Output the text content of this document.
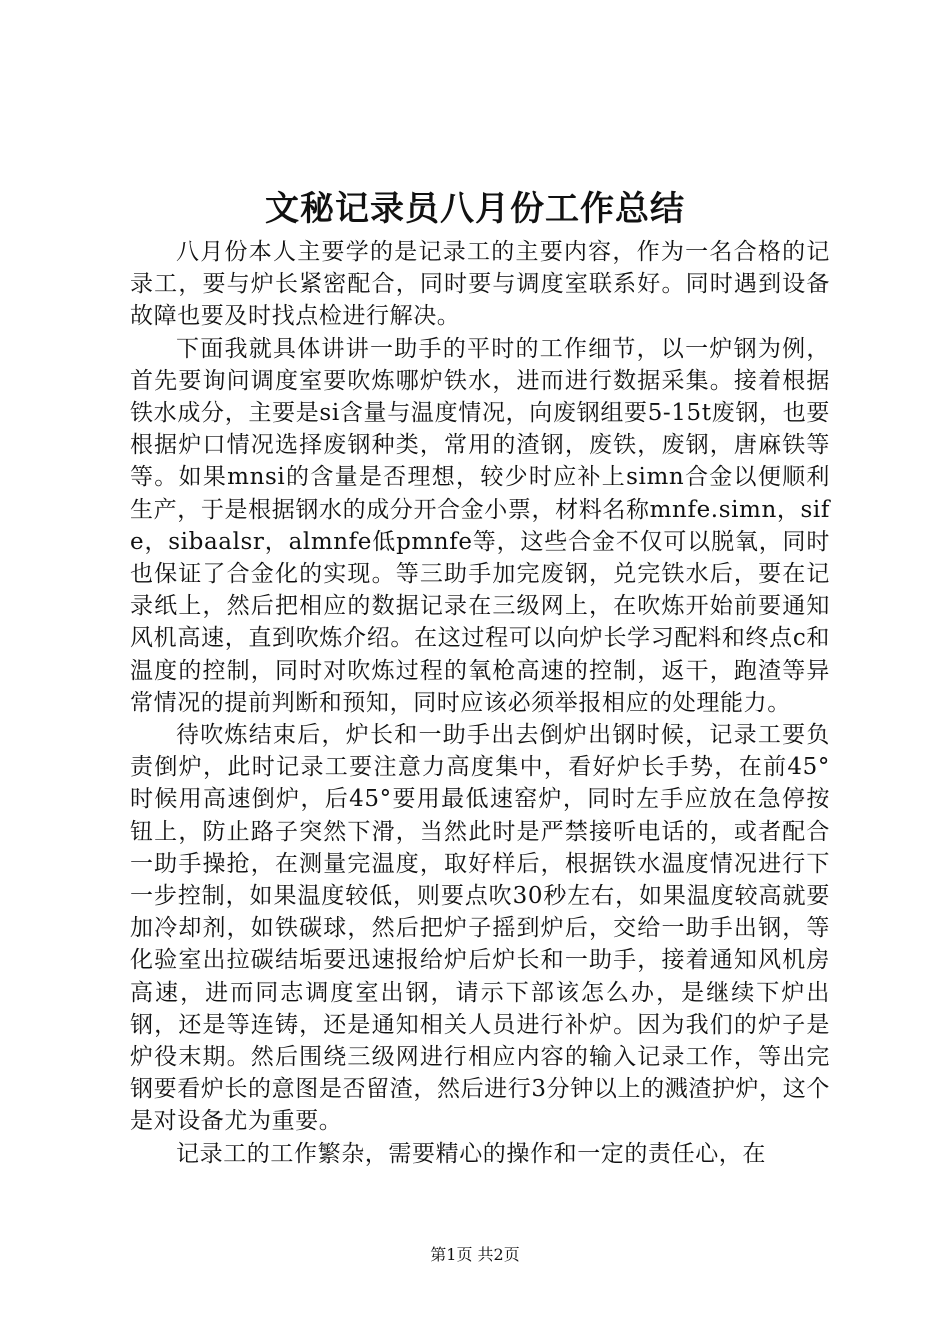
文秘记录员八月份工作总结

八月份本人主要学的是记录工的主要内容，作为一名合格的记录工，要与炉长紧密配合，同时要与调度室联系好。同时遇到设备故障也要及时找点检进行解决。

下面我就具体讲讲一助手的平时的工作细节，以一炉钢为例，首先要询问调度室要吹炼哪炉铁水，进而进行数据采集。接着根据铁水成分，主要是si含量与温度情况，向废钢组要5-15t废钢，也要根据炉口情况选择废钢种类，常用的渣钢，废铁，废钢，唐麻铁等等。如果mnsi的含量是否理想，较少时应补上simn合金以便顺利生产，于是根据钢水的成分开合金小票，材料名称mnfe.simn，sife，sibaalsr，almnfe低pmnfe等，这些合金不仅可以脱氧，同时也保证了合金化的实现。等三助手加完废钢，兑完铁水后，要在记录纸上，然后把相应的数据记录在三级网上，在吹炼开始前要通知风机高速，直到吹炼介绍。在这过程可以向炉长学习配料和终点c和温度的控制，同时对吹炼过程的氧枪高速的控制，返干，跑渣等异常情况的提前判断和预知，同时应该必须举报相应的处理能力。

待吹炼结束后，炉长和一助手出去倒炉出钢时候，记录工要负责倒炉，此时记录工要注意力高度集中，看好炉长手势，在前45°时候用高速倒炉，后45°要用最低速窑炉，同时左手应放在急停按钮上，防止路子突然下滑，当然此时是严禁接听电话的，或者配合一助手操抢，在测量完温度，取好样后，根据铁水温度情况进行下一步控制，如果温度较低，则要点吹30秒左右，如果温度较高就要加冷却剂，如铁碳球，然后把炉子摇到炉后，交给一助手出钢，等化验室出拉碳结垢要迅速报给炉后炉长和一助手，接着通知风机房高速，进而同志调度室出钢，请示下部该怎么办，是继续下炉出钢，还是等连铸，还是通知相关人员进行补炉。因为我们的炉子是炉役末期。然后围绕三级网进行相应内容的输入记录工作，等出完钢要看炉长的意图是否留渣，然后进行3分钟以上的溅渣护炉，这个是对设备尤为重要。

记录工的工作繁杂，需要精心的操作和一定的责任心，在

第1页 共2页
